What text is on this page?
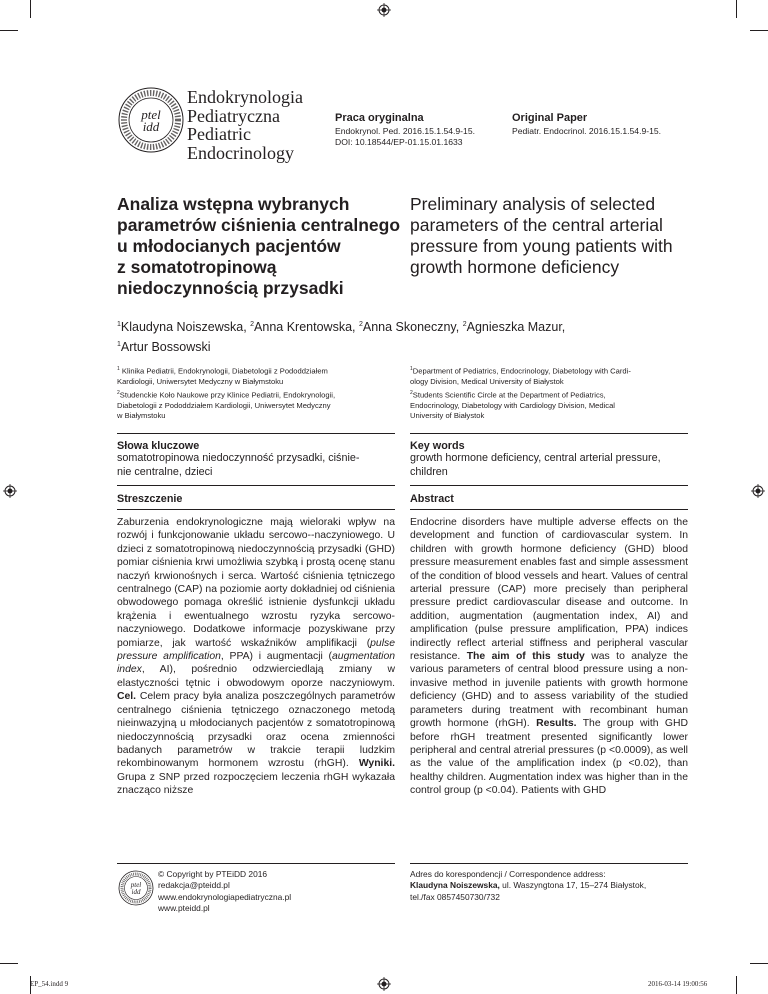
ptel
idd
Endokrynologia
Pediatryczna
Pediatric
Endocrinology
Praca oryginalna
Endokrynol. Ped. 2016.15.1.54.9-15.
DOI: 10.18544/EP-01.15.01.1633
Original Paper
Pediatr. Endocrinol. 2016.15.1.54.9-15.
Analiza wstępna wybranych
parametrów ciśnienia centralnego
u młodocianych pacjentów
z somatotropinową
niedoczynnością przysadki
Preliminary analysis of selected
parameters of the central arterial
pressure from young patients with
growth hormone deficiency
$^1$Klaudyna Noiszewska, $^2$Anna Krentowska, $^2$Anna Skoneczny, $^2$Agnieszka Mazur,
$^1$Artur Bossowski
$^1$ Klinika Pediatrii, Endokrynologii, Diabetologii z Pododdziałem
Kardiologii, Uniwersytet Medyczny w Białymstoku
$^2$Studenckie Koło Naukowe przy Klinice Pediatrii, Endokrynologii,
Diabetologii z Pododdziałem Kardiologii, Uniwersytet Medyczny
w Białymstoku
$^1$Department of Pediatrics, Endocrinology, Diabetology with Cardi-
ology Division, Medical University of Białystok
$^2$Students Scientific Circle at the Department of Pediatrics,
Endocrinology, Diabetology with Cardiology Division, Medical
University of Białystok
Słowa kluczowe
somatotropinowa niedoczynność przysadki, ciśnie-
nie centralne, dzieci
Key words
growth hormone deficiency, central arterial pressure,
children
Streszczenie	Abstract

Zaburzenia endokrynologiczne mają wieloraki wpływ na rozwój i funkcjonowanie układu sercowo--naczyniowego. U dzieci z somatotropinową niedoczynnością przysadki (GHD) pomiar ciśnienia krwi umożliwia szybką i prostą ocenę stanu naczyń krwionośnych i serca. Wartość ciśnienia tętniczego centralnego (CAP) na poziomie aorty dokładniej od ciśnienia obwodowego pomaga określić istnienie dysfunkcji układu krążenia i ewentualnego wzrostu ryzyka sercowo-naczyniowego. Dodatkowe informacje pozyskiwane przy pomiarze, jak wartość wskaźników amplifikacji (pulse pressure amplification, PPA) i augmentacji (augmentation index, AI), pośrednio odzwierciedlają zmiany w elastyczności tętnic i obwodowym oporze naczyniowym. Cel. Celem pracy była analiza poszczególnych parametrów centralnego ciśnienia tętniczego oznaczonego metodą nieinwazyjną u młodocianych pacjentów z somatotropinową niedoczynnością przysadki oraz ocena zmienności badanych parametrów w trakcie terapii ludzkim rekombinowanym hormonem wzrostu (rhGH). Wyniki. Grupa z SNP przed rozpoczęciem leczenia rhGH wykazała znacząco niższe

Endocrine disorders have multiple adverse effects on the development and function of cardiovascular system. In children with growth hormone deficiency (GHD) blood pressure measurement enables fast and simple assessment of the condition of blood vessels and heart. Values of central arterial pressure (CAP) more precisely than peripheral pressure predict cardiovascular disease and outcome. In addition, augmentation (augmentation index, AI) and amplification (pulse pressure amplification, PPA) indices indirectly reflect arterial stiffness and peripheral vascular resistance. The aim of this study was to analyze the various parameters of central blood pressure using a non-invasive method in juvenile patients with growth hormone deficiency (GHD) and to assess variability of the studied parameters during treatment with recombinant human growth hormone (rhGH). Results. The group with GHD before rhGH treatment presented significantly lower peripheral and central atrerial pressures (p <0.0009), as well as the value of the amplification index (p <0.02), than healthy children. Augmentation index was higher than in the control group (p <0.04). Patients with GHD

ptel
idd
© Copyright by PTEiDD 2016
redakcja@pteidd.pl
www.endokrynologiapediatryczna.pl
www.pteidd.pl
Adres do korespondencji / Correspondence address:
Klaudyna Noiszewska, ul. Waszyngtona 17, 15–274 Białystok,
tel./fax 0857450730/732
EP_54.indd 9	2016-03-14 19:00:56
